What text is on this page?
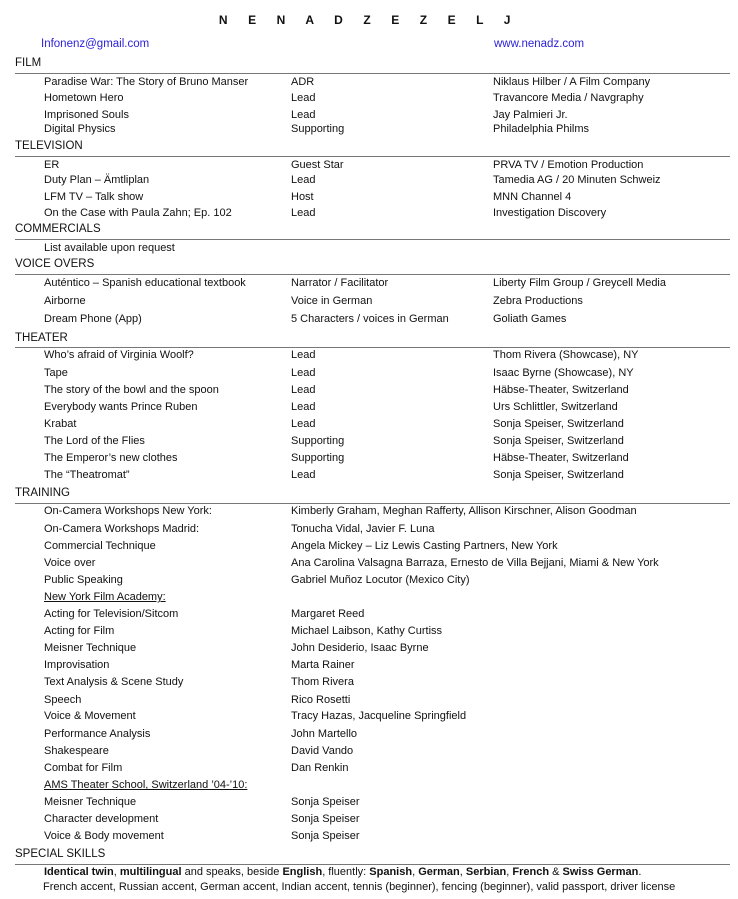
N E N A D Z E Z E L J
Infonenz@gmail.com	www.nenadz.com
FILM
Paradise War: The Story of Bruno Manser	ADR	Niklaus Hilber / A Film Company
Hometown Hero	Lead	Travancore Media / Navgraphy
Imprisoned Souls	Lead	Jay Palmieri Jr.
Digital Physics	Supporting	Philadelphia Philms
TELEVISION
ER	Guest Star	PRVA TV / Emotion Production
Duty Plan – Ämtliplan	Lead	Tamedia AG / 20 Minuten Schweiz
LFM TV – Talk show	Host	MNN Channel 4
On the Case with Paula Zahn; Ep. 102	Lead	Investigation Discovery
COMMERCIALS
List available upon request
VOICE OVERS
Auténtico – Spanish educational textbook	Narrator / Facilitator	Liberty Film Group / Greycell Media
Airborne	Voice in German	Zebra Productions
Dream Phone (App)	5 Characters / voices in German	Goliath Games
THEATER
Who’s afraid of Virginia Woolf?	Lead	Thom Rivera (Showcase), NY
Tape	Lead	Isaac Byrne (Showcase), NY
The story of the bowl and the spoon	Lead	Häbse-Theater, Switzerland
Everybody wants Prince Ruben	Lead	Urs Schlittler, Switzerland
Krabat	Lead	Sonja Speiser, Switzerland
The Lord of the Flies	Supporting	Sonja Speiser, Switzerland
The Emperor’s new clothes	Supporting	Häbse-Theater, Switzerland
The “Theatromat”	Lead	Sonja Speiser, Switzerland
TRAINING
On-Camera Workshops New York:	Kimberly Graham, Meghan Rafferty, Allison Kirschner, Alison Goodman
On-Camera Workshops Madrid:	Tonucha Vidal, Javier F. Luna
Commercial Technique	Angela Mickey – Liz Lewis Casting Partners, New York
Voice over	Ana Carolina Valsagna Barraza, Ernesto de Villa Bejjani, Miami & New York
Public Speaking	Gabriel Muñoz Locutor (Mexico City)
New York Film Academy:
Acting for Television/Sitcom	Margaret Reed
Acting for Film	Michael Laibson, Kathy Curtiss
Meisner Technique	John Desiderio, Isaac Byrne
Improvisation	Marta Rainer
Text Analysis & Scene Study	Thom Rivera
Speech	Rico Rosetti
Voice & Movement	Tracy Hazas, Jacqueline Springfield
Performance Analysis	John Martello
Shakespeare	David Vando
Combat for Film	Dan Renkin
AMS Theater School, Switzerland ’04-’10:
Meisner Technique	Sonja Speiser
Character development	Sonja Speiser
Voice & Body movement	Sonja Speiser
SPECIAL SKILLS
Identical twin, multilingual and speaks, beside English, fluently: Spanish, German, Serbian, French & Swiss German.
French accent, Russian accent, German accent, Indian accent, tennis (beginner), fencing (beginner), valid passport, driver license
